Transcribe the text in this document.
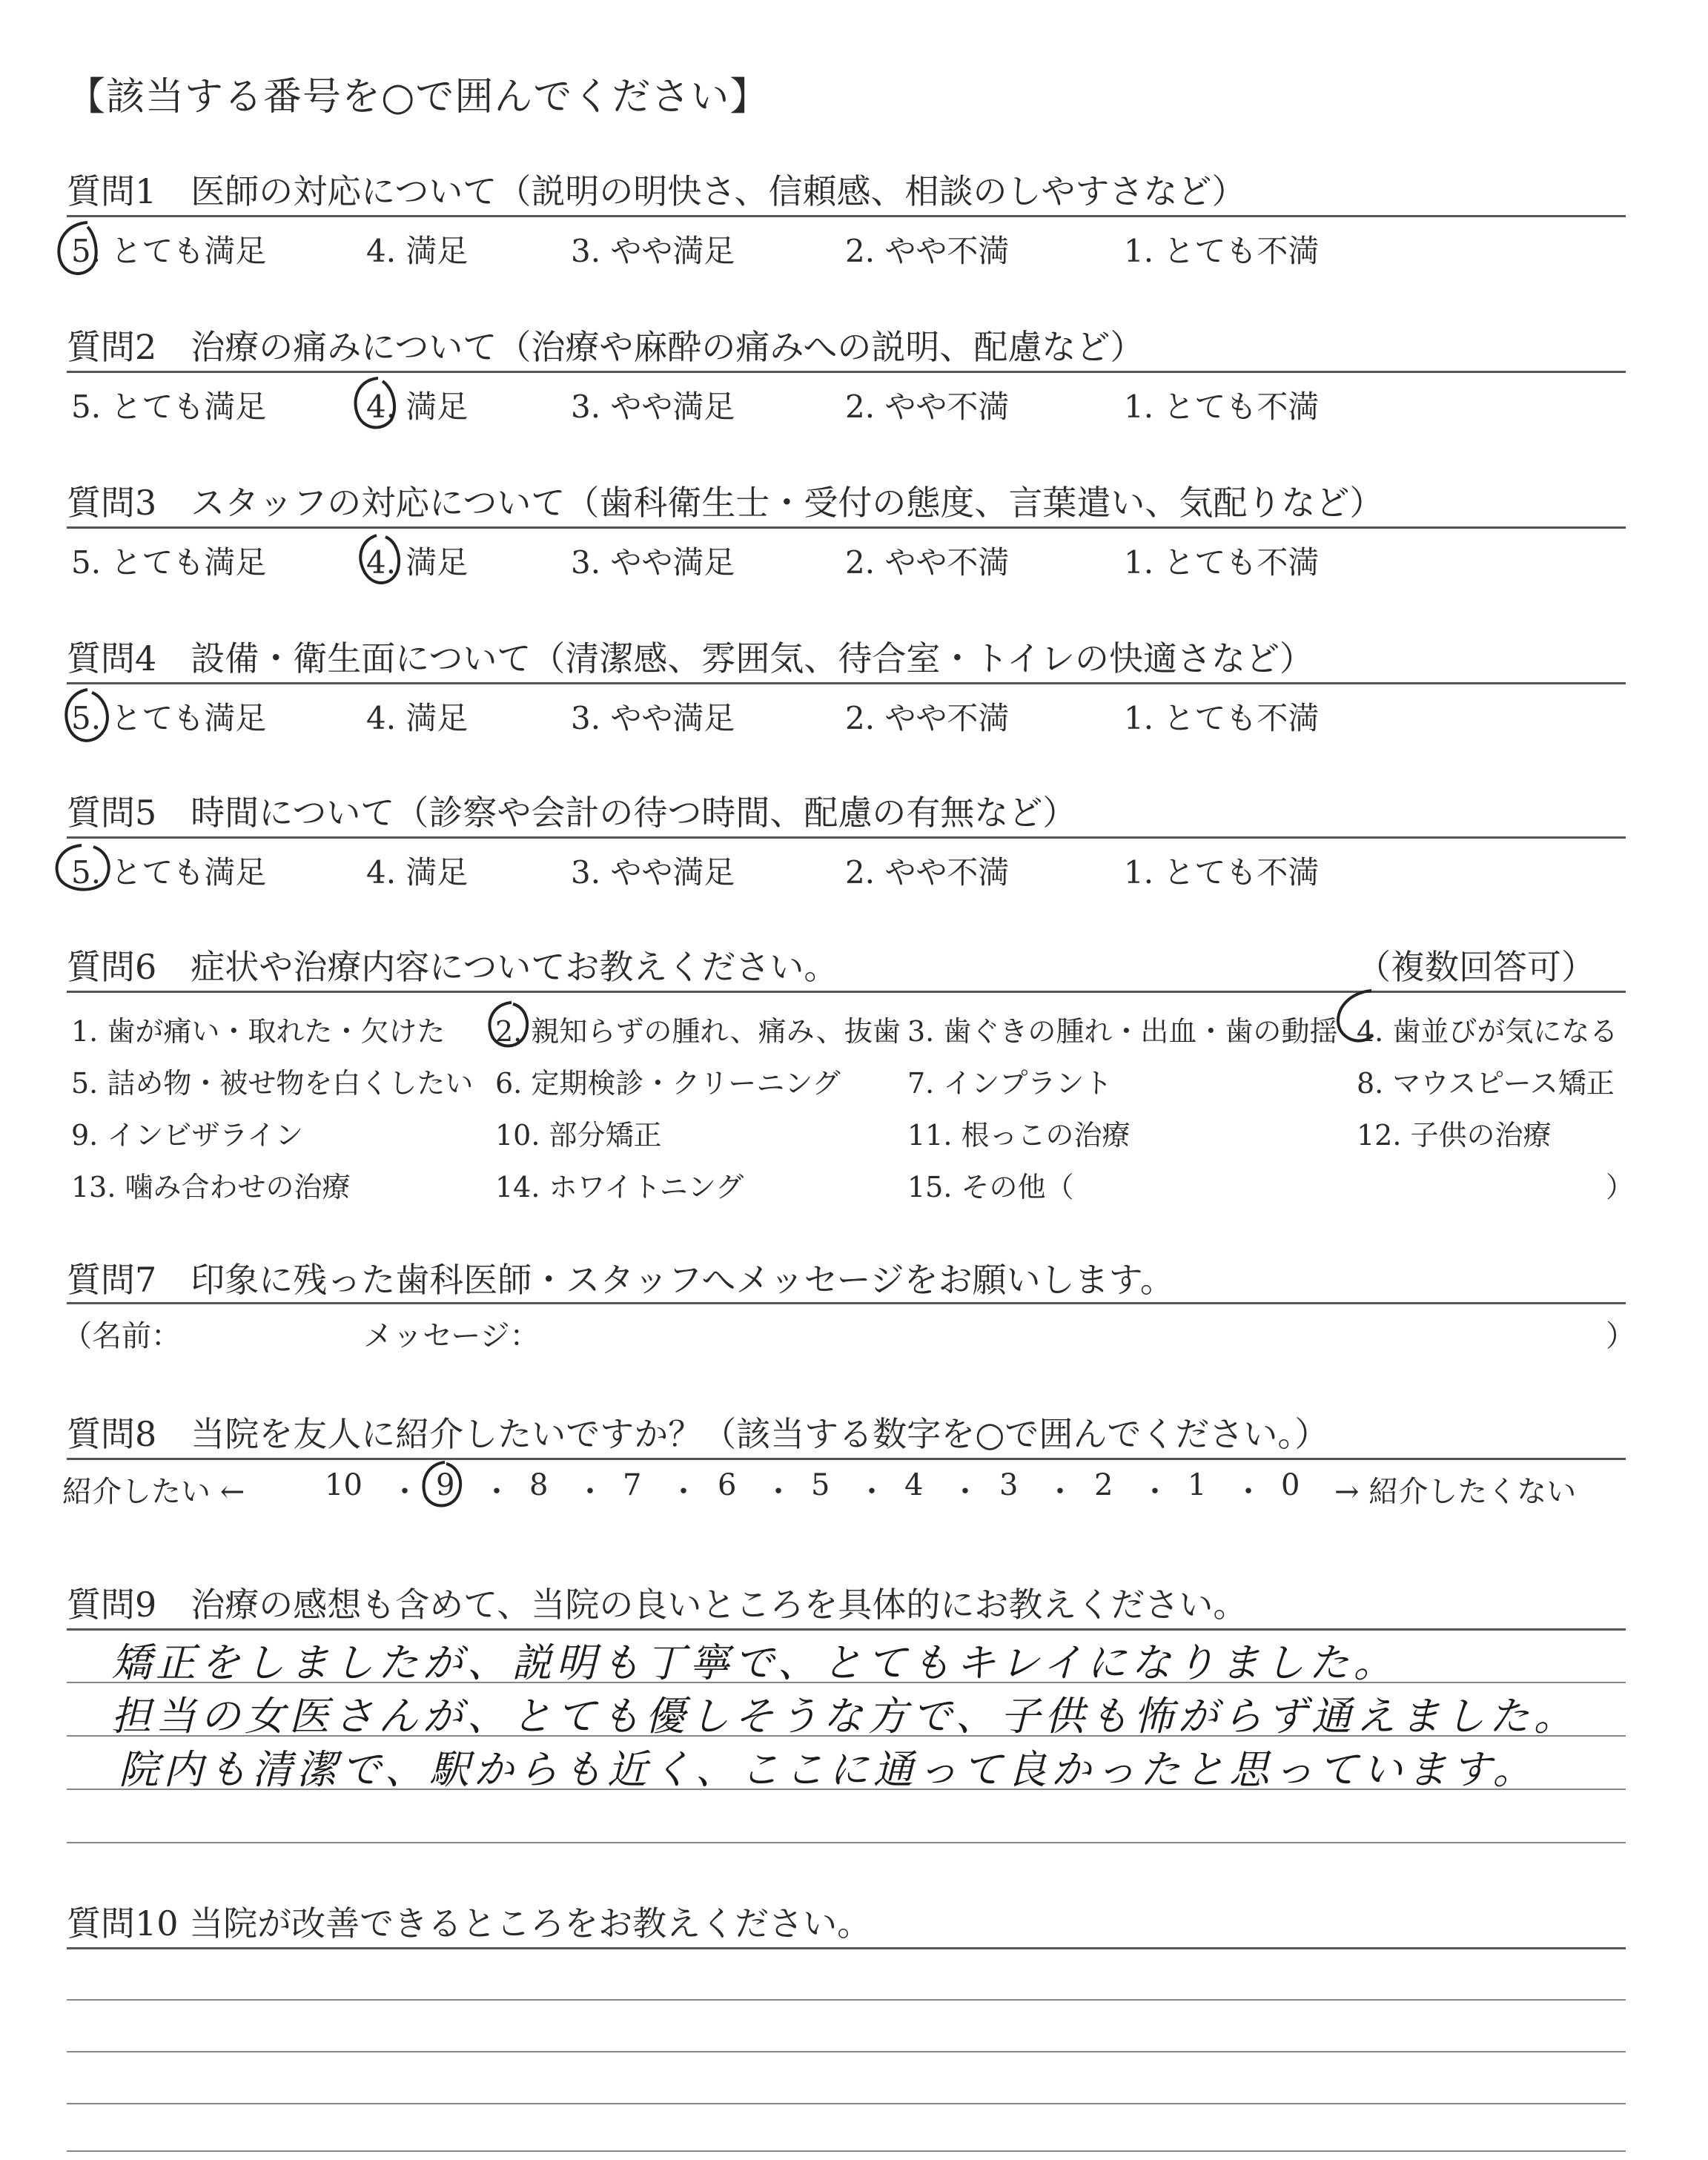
【該当する番号を○で囲んでください】
質問1　医師の対応について（説明の明快さ、信頼感、相談のしやすさなど）
5. とても満足	4. 満足	3. やや満足	2. やや不満	1. とても不満
質問2　治療の痛みについて（治療や麻酔の痛みへの説明、配慮など）
5. とても満足	4. 満足	3. やや満足	2. やや不満	1. とても不満
質問3　スタッフの対応について（歯科衛生士・受付の態度、言葉遣い、気配りなど）
5. とても満足	4. 満足	3. やや満足	2. やや不満	1. とても不満
質問4　設備・衛生面について（清潔感、雰囲気、待合室・トイレの快適さなど）
5. とても満足	4. 満足	3. やや満足	2. やや不満	1. とても不満
質問5　時間について（診察や会計の待つ時間、配慮の有無など）
5. とても満足	4. 満足	3. やや満足	2. やや不満	1. とても不満
質問6　症状や治療内容についてお教えください。	（複数回答可）
1. 歯が痛い・取れた・欠けた 2. 親知らずの腫れ、痛み、抜歯 3. 歯ぐきの腫れ・出血・歯の動揺 4. 歯並びが気になる
5. 詰め物・被せ物を白くしたい 6. 定期検診・クリーニング 7. インプラント	8. マウスピース矯正
9. インビザライン	10. 部分矯正	11. 根っこの治療	12. 子供の治療
13. 噛み合わせの治療	14. ホワイトニング	15. その他（	）
質問7　印象に残った歯科医師・スタッフへメッセージをお願いします。
（名前：	メッセージ：	）
質問8　当院を友人に紹介したいですか？（該当する数字を○で囲んでください。）
紹介したい ←	→ 紹介したくない
10 ・ 9 ・ 8 ・ 7 ・ 6 ・ 5 ・ 4 ・ 3 ・ 2 ・ 1 ・ 0
質問9　治療の感想も含めて、当院の良いところを具体的にお教えください。
矯正をしましたが、説明も丁寧で、とてもキレイになりました。
担当の女医さんが、とても優しそうな方で、子供も怖がらず通えました。
院内も清潔で、駅からも近く、ここに通って良かったと思っています。
質問10 当院が改善できるところをお教えください。
